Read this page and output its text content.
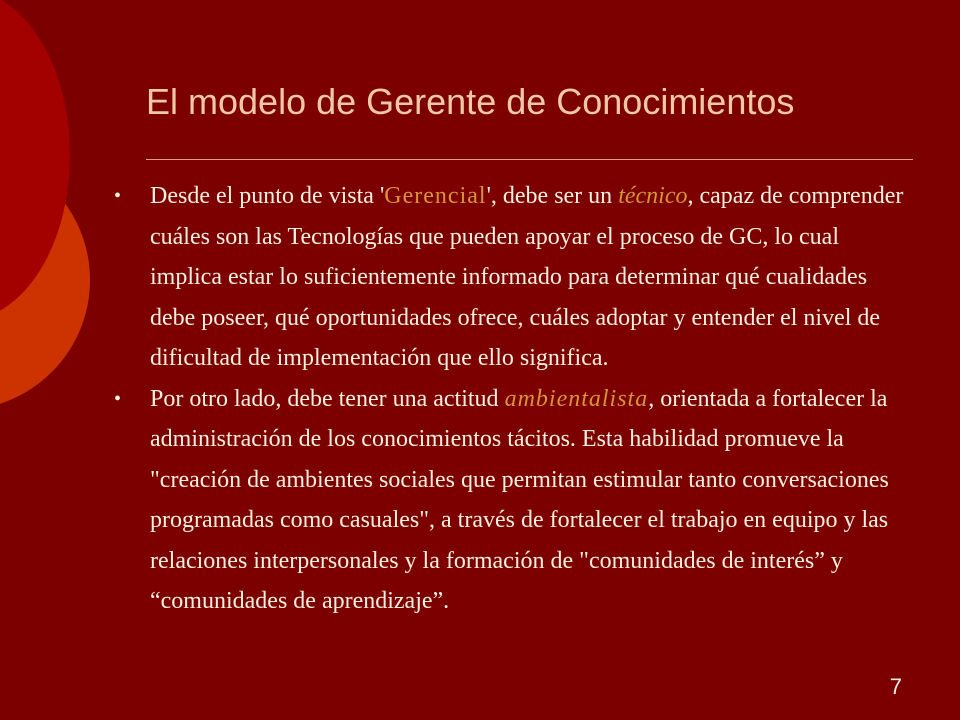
El modelo de Gerente de Conocimientos
• Desde el punto de vista 'Gerencial', debe ser un técnico, capaz de comprender cuáles son las Tecnologías que pueden apoyar el proceso de GC, lo cual implica estar lo suficientemente informado para determinar qué cualidades debe poseer, qué oportunidades ofrece, cuáles adoptar y entender el nivel de dificultad de implementación que ello significa.
• Por otro lado, debe tener una actitud ambientalista, orientada a fortalecer la administración de los conocimientos tácitos. Esta habilidad promueve la "creación de ambientes sociales que permitan estimular tanto conversaciones programadas como casuales", a través de fortalecer el trabajo en equipo y las relaciones interpersonales y la formación de "comunidades de interés” y “comunidades de aprendizaje”.
7
